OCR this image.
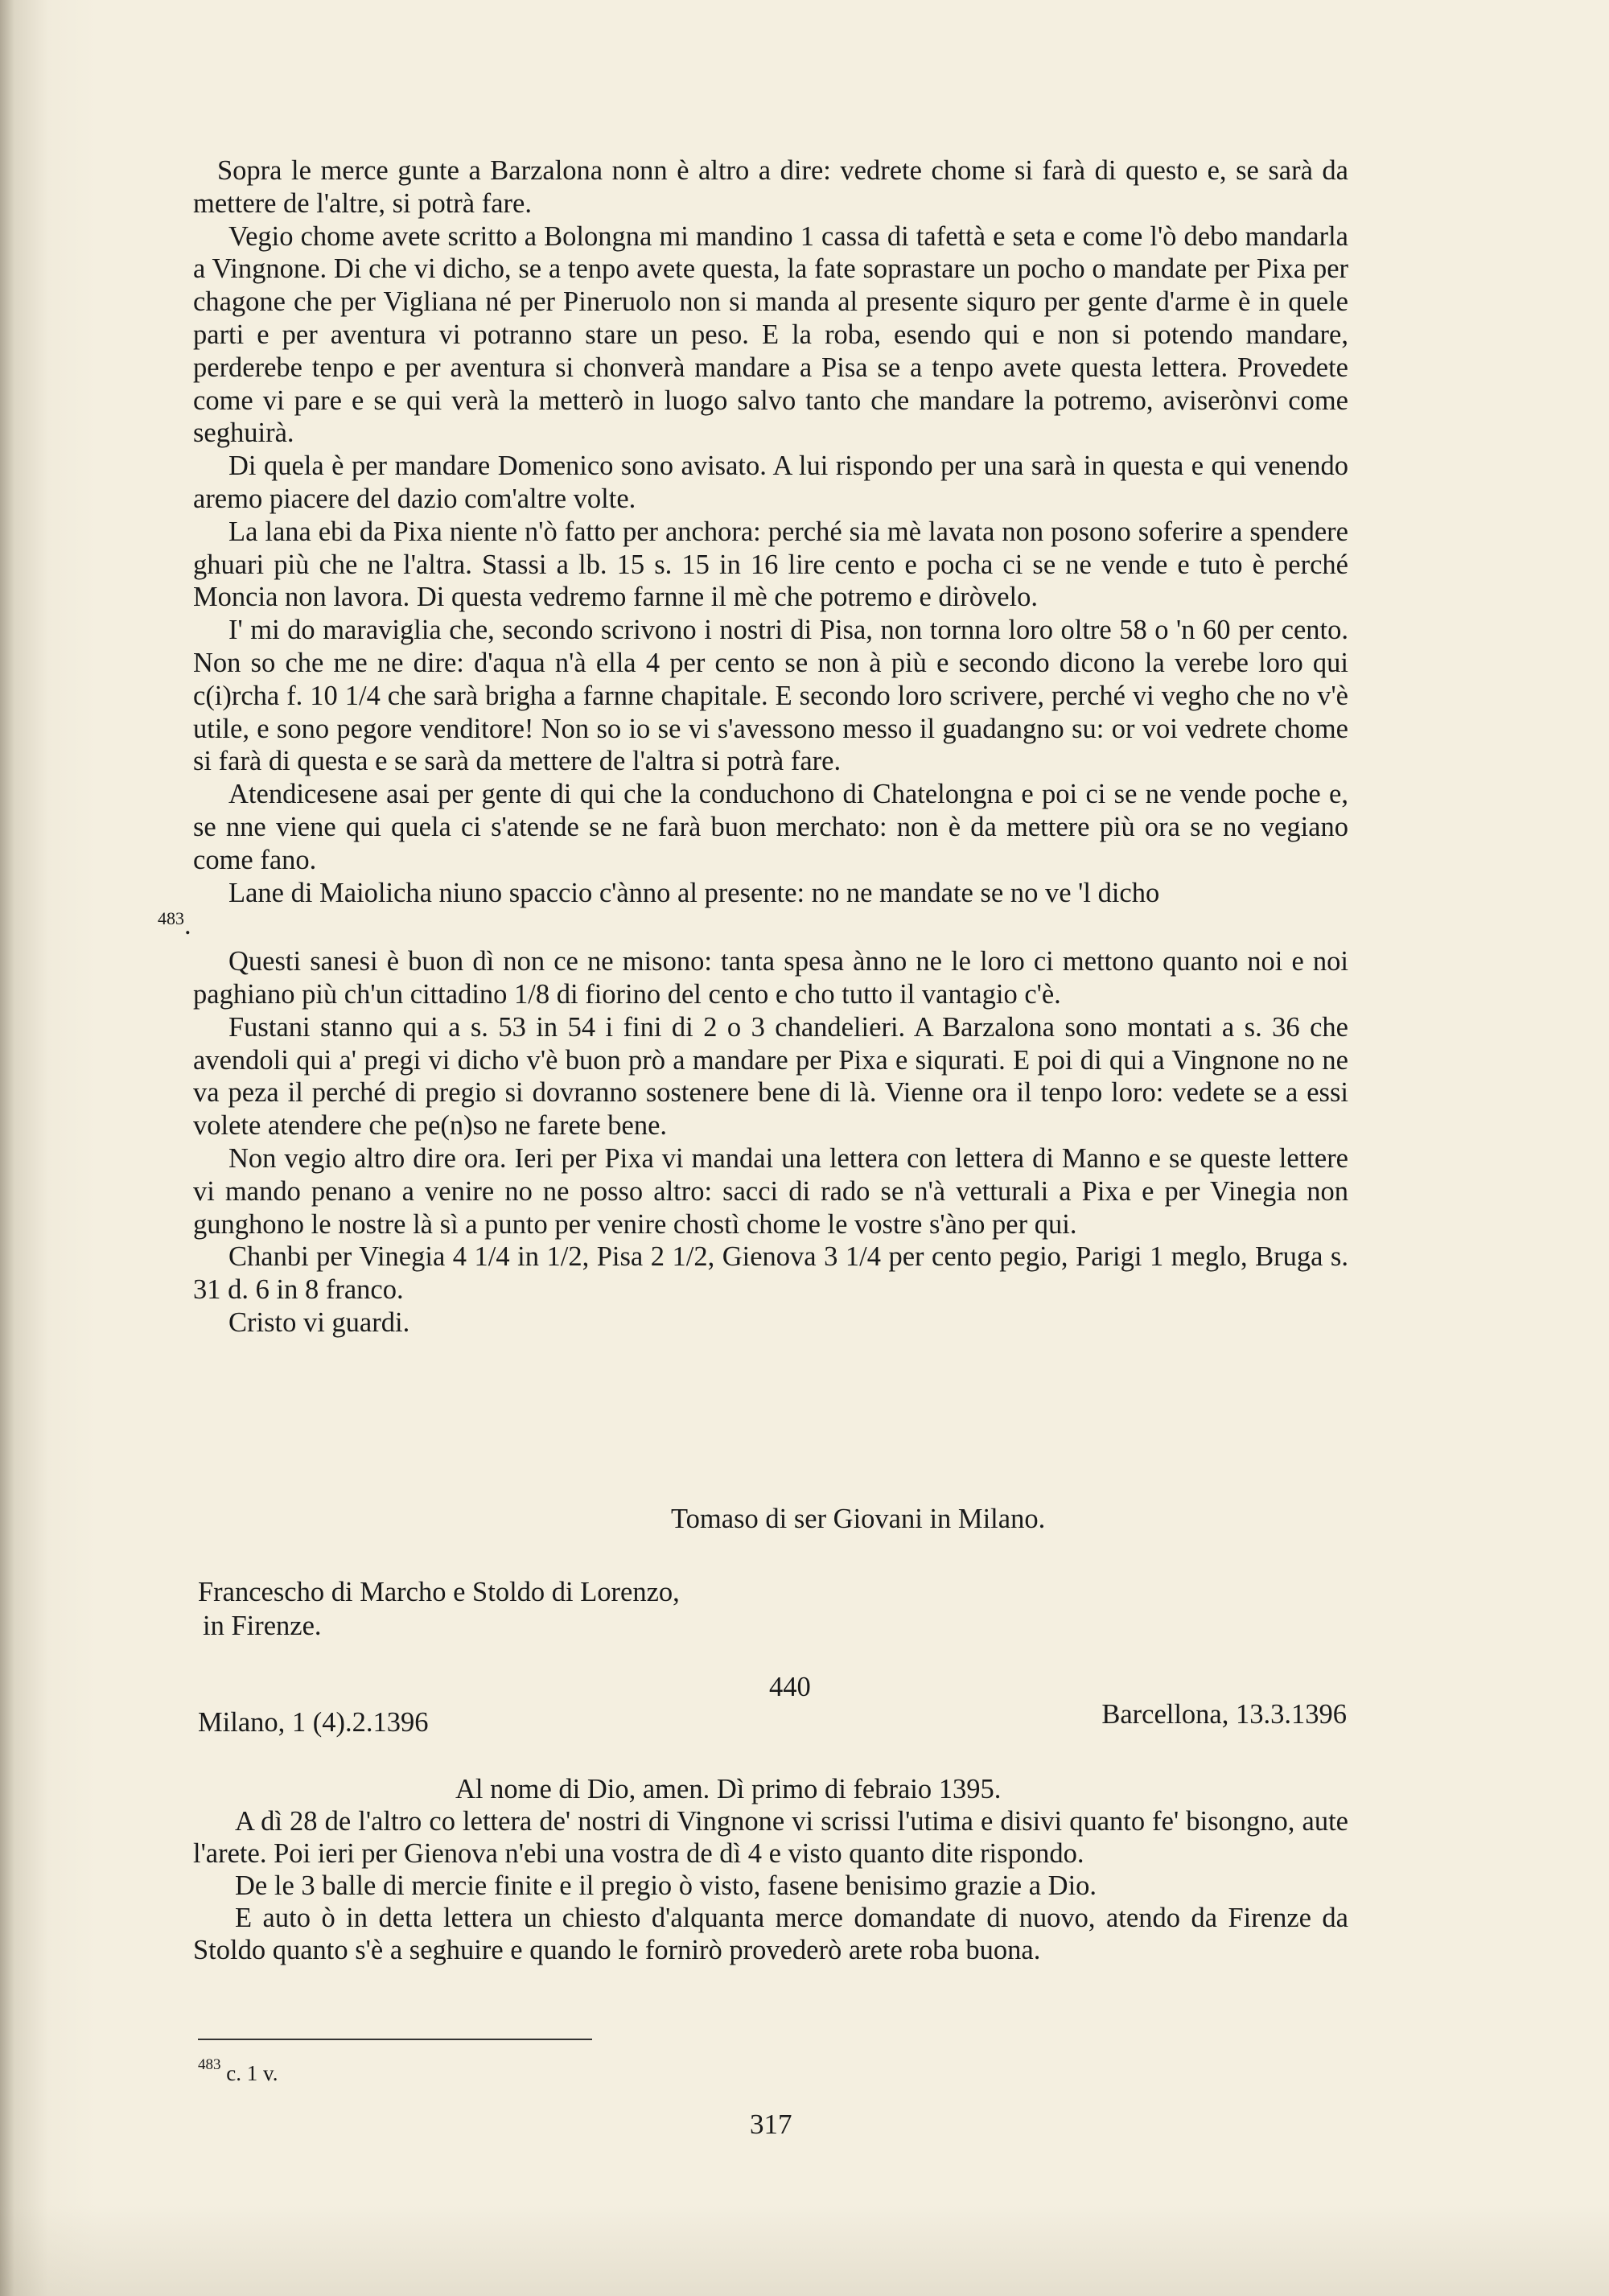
Sopra le merce gunte a Barzalona nonn è altro a dire: vedrete chome si farà di questo e, se sarà da mettere de l'altre, si potrà fare.

Vegio chome avete scritto a Bolongna mi mandino 1 cassa di tafettà e seta e come l'ò debo mandarla a Vingnone. Di che vi dicho, se a tenpo avete questa, la fate soprastare un pocho o mandate per Pixa per chagone che per Vigliana né per Pineruolo non si manda al presente siquro per gente d'arme è in quele parti e per aventura vi potranno stare un peso. E la roba, esendo qui e non si potendo mandare, perderebe tenpo e per aventura si chonverà mandare a Pisa se a tenpo avete questa lettera. Provedete come vi pare e se qui verà la metterò in luogo salvo tanto che mandare la potremo, aviserònvi come seghuirà.

Di quela è per mandare Domenico sono avisato. A lui rispondo per una sarà in questa e qui venendo aremo piacere del dazio com'altre volte.

La lana ebi da Pixa niente n'ò fatto per anchora: perché sia mè lavata non posono soferire a spendere ghuari più che ne l'altra. Stassi a lb. 15 s. 15 in 16 lire cento e pocha ci se ne vende e tuto è perché Moncia non lavora. Di questa vedremo farnne il mè che potremo e diròvelo.

I' mi do maraviglia che, secondo scrivono i nostri di Pisa, non tornna loro oltre 58 o 'n 60 per cento. Non so che me ne dire: d'aqua n'à ella 4 per cento se non à più e secondo dicono la verebe loro qui c(i)rcha f. 10 1/4 che sarà brigha a farnne chapitale. E secondo loro scrivere, perché vi vegho che no v'è utile, e sono pegore venditore! Non so io se vi s'avessono messo il guadangno su: or voi vedrete chome si farà di questa e se sarà da mettere de l'altra si potrà fare.

Atendicesene asai per gente di qui che la conduchono di Chatelongna e poi ci se ne vende poche e, se nne viene qui quela ci s'atende se ne farà buon merchato: non è da mettere più ora se no vegiano come fano.

Lane di Maiolicha niuno spaccio c'ànno al presente: no ne mandate se no ve 'l dicho
$^{483}$.

Questi sanesi è buon dì non ce ne misono: tanta spesa ànno ne le loro ci mettono quanto noi e noi paghiano più ch'un cittadino 1/8 di fiorino del cento e cho tutto il vantagio c'è.

Fustani stanno qui a s. 53 in 54 i fini di 2 o 3 chandelieri. A Barzalona sono montati a s. 36 che avendoli qui a' pregi vi dicho v'è buon prò a mandare per Pixa e siqurati. E poi di qui a Vingnone no ne va peza il perché di pregio si dovranno sostenere bene di là. Vienne ora il tenpo loro: vedete se a essi volete atendere che pe(n)so ne farete bene.

Non vegio altro dire ora. Ieri per Pixa vi mandai una lettera con lettera di Manno e se queste lettere vi mando penano a venire no ne posso altro: sacci di rado se n'à vetturali a Pixa e per Vinegia non gunghono le nostre là sì a punto per venire chostì chome le vostre s'àno per qui.

Chanbi per Vinegia 4 1/4 in 1/2, Pisa 2 1/2, Gienova 3 1/4 per cento pegio, Parigi 1 meglo, Bruga s. 31 d. 6 in 8 franco.

Cristo vi guardi.

Tomaso di ser Giovani in Milano.
Francescho di Marcho e Stoldo di Lorenzo,
in Firenze.
440
Milano, 1 (4).2.1396	Barcellona, 13.3.1396

Al nome di Dio, amen. Dì primo di febraio 1395.

A dì 28 de l'altro co lettera de' nostri di Vingnone vi scrissi l'utima e disivi quanto fe' bisongno, aute l'arete. Poi ieri per Gienova n'ebi una vostra de dì 4 e visto quanto dite rispondo.

De le 3 balle di mercie finite e il pregio ò visto, fasene benisimo grazie a Dio.

E auto ò in detta lettera un chiesto d'alquanta merce domandate di nuovo, atendo da Firenze da Stoldo quanto s'è a seghuire e quando le fornirò provederò arete roba buona.

$^{483}$ c. 1 v.
317
